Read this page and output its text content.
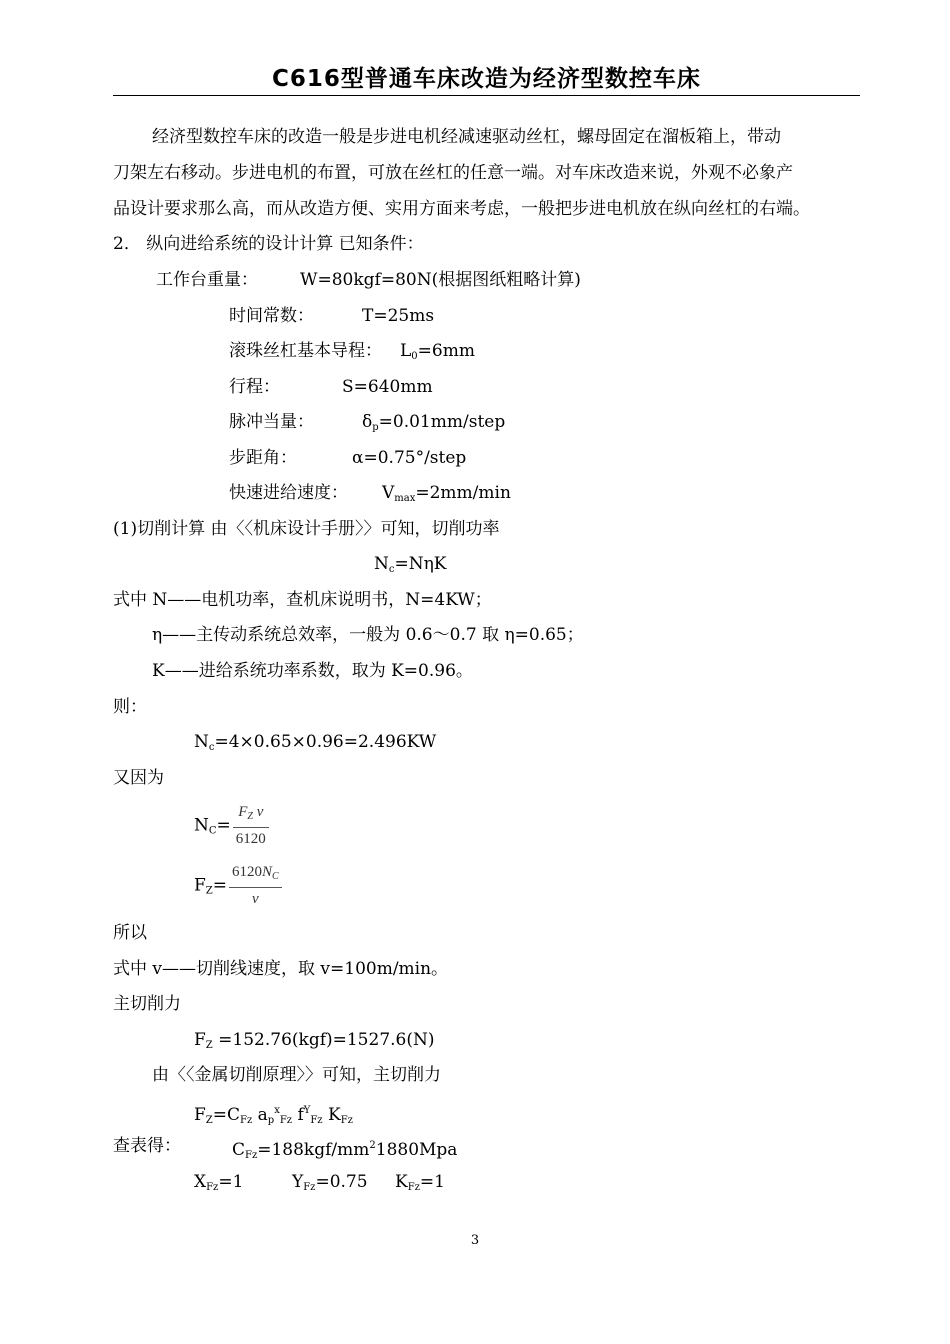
C616型普通车床改造为经济型数控车床
经济型数控车床的改造一般是步进电机经减速驱动丝杠，螺母固定在溜板箱上，带动
刀架左右移动。步进电机的布置，可放在丝杠的任意一端。对车床改造来说，外观不必象产
品设计要求那么高，而从改造方便、实用方面来考虑，一般把步进电机放在纵向丝杠的右端。
2． 纵向进给系统的设计计算 已知条件：
工作台重量： W=80kgf=80N(根据图纸粗略计算)
时间常数：	T=25ms
滚珠丝杠基本导程： $L_0=6mm$
行程：	S=640mm
脉冲当量：	$\delta_p=0.01mm$/step
步距角：	α=0.75°/step
快速进给速度： $V_{max}=2mm/\min$
(1)切削计算 由〈〈机床设计手册〉〉可知，切削功率
$N_c=N\eta K$
式中 N——电机功率，查机床说明书，N=4KW；
η——主传动系统总效率，一般为 0.6～0.7 取 η=0.65；
K——进给系统功率系数，取为 K=0.96。
则：
$N_c=4\times 0.65\times 0.96=2.496KW$
又因为
$N_C= \frac{F_Z v}{6120}$
$F_Z= \frac{6120N_C}{v}$
所以
式中 v——切削线速度，取 v=100m/min。
主切削力
$F_Z =152.76(kgf)=1527.6(N)$
由〈〈金属切削原理〉〉可知，主切削力
$F_Z=C_{Fz}$ $a_p^x_{Fz}$ $f^Y_{Fz}$ $K_{Fz}$
查表得：	$C_{Fz}=188kgf/mm^21880Mpa$
$X_{Fz}=1$	$Y_{Fz}=0.75$ $K_{Fz}=1$
3
